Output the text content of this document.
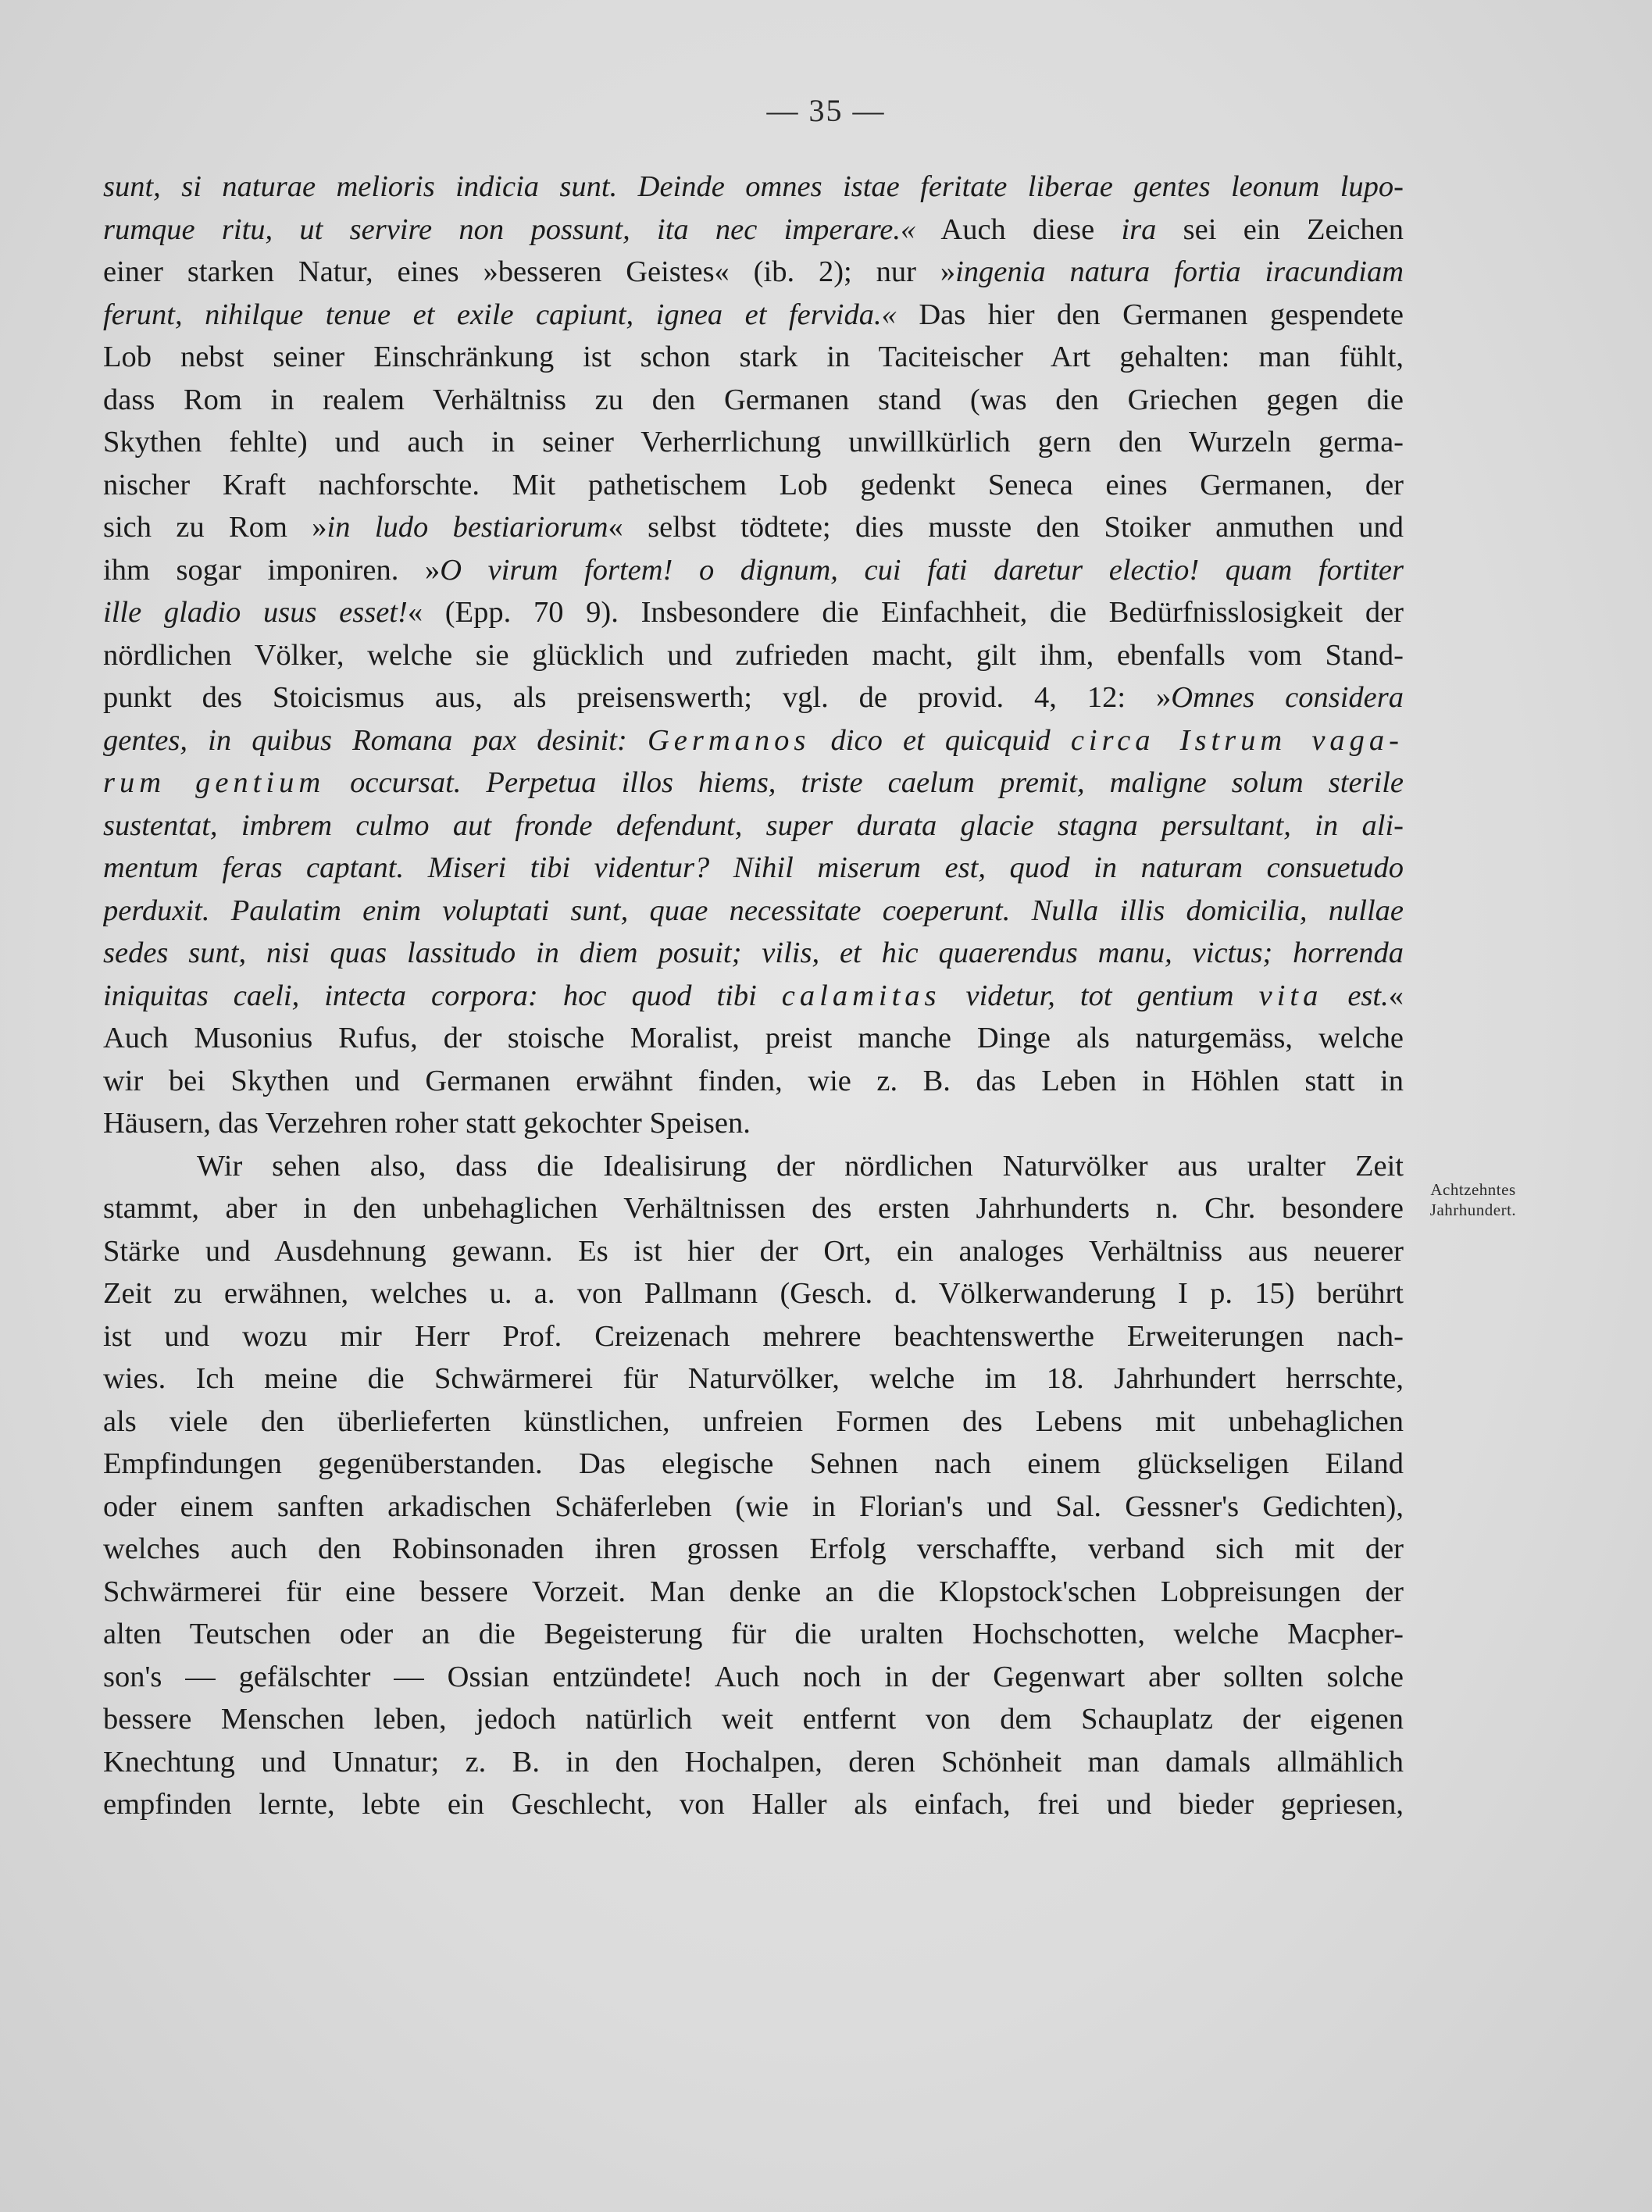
— 35 —
sunt, si naturae melioris indicia sunt. Deinde omnes istae feritate liberae gentes leonum lupo-
rumque ritu, ut servire non possunt, ita nec imperare.« Auch diese ira sei ein Zeichen
einer starken Natur, eines »besseren Geistes« (ib. 2); nur »ingenia natura fortia iracundiam
ferunt, nihilque tenue et exile capiunt, ignea et fervida.« Das hier den Germanen gespendete
Lob nebst seiner Einschränkung ist schon stark in Taciteischer Art gehalten: man fühlt,
dass Rom in realem Verhältniss zu den Germanen stand (was den Griechen gegen die
Skythen fehlte) und auch in seiner Verherrlichung unwillkürlich gern den Wurzeln germa-
nischer Kraft nachforschte. Mit pathetischem Lob gedenkt Seneca eines Germanen, der
sich zu Rom »in ludo bestiariorum« selbst tödtete; dies musste den Stoiker anmuthen und
ihm sogar imponiren. »O virum fortem! o dignum, cui fati daretur electio! quam fortiter
ille gladio usus esset!« (Epp. 70 9). Insbesondere die Einfachheit, die Bedürfnisslosigkeit der
nördlichen Völker, welche sie glücklich und zufrieden macht, gilt ihm, ebenfalls vom Stand-
punkt des Stoicismus aus, als preisenswerth; vgl. de provid. 4, 12: »Omnes considera
gentes, in quibus Romana pax desinit: Germanos dico et quicquid circa Istrum vaga-
rum gentium occursat. Perpetua illos hiems, triste caelum premit, maligne solum sterile
sustentat, imbrem culmo aut fronde defendunt, super durata glacie stagna persultant, in ali-
mentum feras captant. Miseri tibi videntur? Nihil miserum est, quod in naturam consuetudo
perduxit. Paulatim enim voluptati sunt, quae necessitate coeperunt. Nulla illis domicilia, nullae
sedes sunt, nisi quas lassitudo in diem posuit; vilis, et hic quaerendus manu, victus; horrenda
iniquitas caeli, intecta corpora: hoc quod tibi calamitas videtur, tot gentium vita est.«
Auch Musonius Rufus, der stoische Moralist, preist manche Dinge als naturgemäss, welche
wir bei Skythen und Germanen erwähnt finden, wie z. B. das Leben in Höhlen statt in
Häusern, das Verzehren roher statt gekochter Speisen.
Wir sehen also, dass die Idealisirung der nördlichen Naturvölker aus uralter Zeit
stammt, aber in den unbehaglichen Verhältnissen des ersten Jahrhunderts n. Chr. besondere
Stärke und Ausdehnung gewann. Es ist hier der Ort, ein analoges Verhältniss aus neuerer
Zeit zu erwähnen, welches u. a. von Pallmann (Gesch. d. Völkerwanderung I p. 15) berührt
ist und wozu mir Herr Prof. Creizenach mehrere beachtenswerthe Erweiterungen nach-
wies. Ich meine die Schwärmerei für Naturvölker, welche im 18. Jahrhundert herrschte,
als viele den überlieferten künstlichen, unfreien Formen des Lebens mit unbehaglichen
Empfindungen gegenüberstanden. Das elegische Sehnen nach einem glückseligen Eiland
oder einem sanften arkadischen Schäferleben (wie in Florian's und Sal. Gessner's Gedichten),
welches auch den Robinsonaden ihren grossen Erfolg verschaffte, verband sich mit der
Schwärmerei für eine bessere Vorzeit. Man denke an die Klopstock'schen Lobpreisungen der
alten Teutschen oder an die Begeisterung für die uralten Hochschotten, welche Macpher-
son's — gefälschter — Ossian entzündete! Auch noch in der Gegenwart aber sollten solche
bessere Menschen leben, jedoch natürlich weit entfernt von dem Schauplatz der eigenen
Knechtung und Unnatur; z. B. in den Hochalpen, deren Schönheit man damals allmählich
empfinden lernte, lebte ein Geschlecht, von Haller als einfach, frei und bieder gepriesen,
Achtzehntes
Jahrhundert.
